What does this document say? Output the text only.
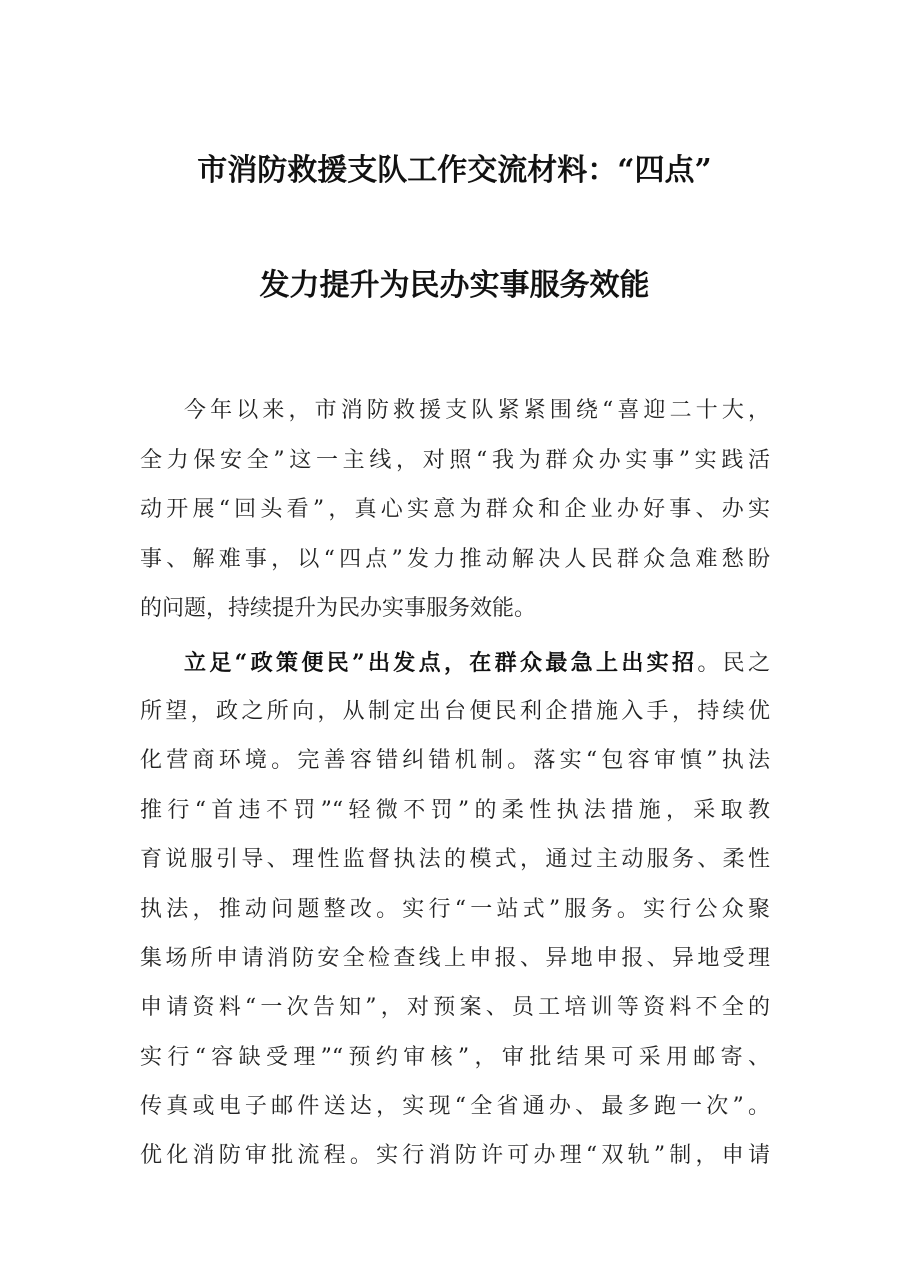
市消防救援支队工作交流材料：“四点”
发力提升为民办实事服务效能
今年以来，市消防救援支队紧紧围绕“喜迎二十大，
全力保安全”这一主线，对照“我为群众办实事”实践活
动开展“回头看”，真心实意为群众和企业办好事、办实
事、解难事，以“四点”发力推动解决人民群众急难愁盼
的问题，持续提升为民办实事服务效能。
立足“政策便民”出发点，在群众最急上出实招。民之
所望，政之所向，从制定出台便民利企措施入手，持续优
化营商环境。完善容错纠错机制。落实“包容审慎”执法
推行“首违不罚”“轻微不罚”的柔性执法措施，采取教
育说服引导、理性监督执法的模式，通过主动服务、柔性
执法，推动问题整改。实行“一站式”服务。实行公众聚
集场所申请消防安全检查线上申报、异地申报、异地受理
申请资料“一次告知”，对预案、员工培训等资料不全的
实行“容缺受理”“预约审核”，审批结果可采用邮寄、
传真或电子邮件送达，实现“全省通办、最多跑一次”。
优化消防审批流程。实行消防许可办理“双轨”制，申请
